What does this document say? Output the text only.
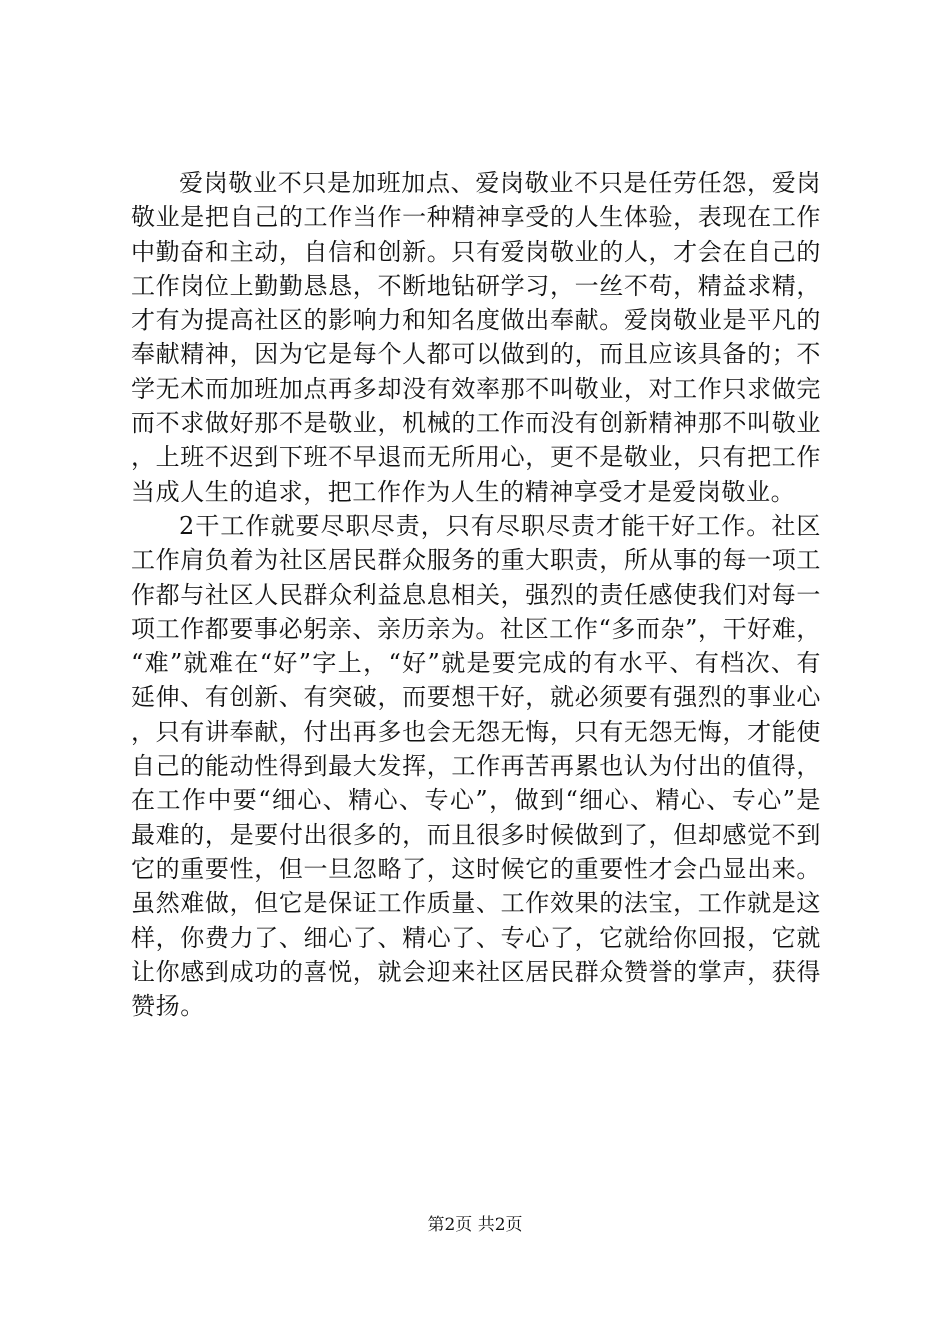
爱岗敬业不只是加班加点、爱岗敬业不只是任劳任怨，爱岗敬业是把自己的工作当作一种精神享受的人生体验，表现在工作中勤奋和主动，自信和创新。只有爱岗敬业的人，才会在自己的工作岗位上勤勤恳恳，不断地钻研学习，一丝不苟，精益求精，才有为提高社区的影响力和知名度做出奉献。爱岗敬业是平凡的奉献精神，因为它是每个人都可以做到的，而且应该具备的；不学无术而加班加点再多却没有效率那不叫敬业，对工作只求做完而不求做好那不是敬业，机械的工作而没有创新精神那不叫敬业，上班不迟到下班不早退而无所用心，更不是敬业，只有把工作当成人生的追求，把工作作为人生的精神享受才是爱岗敬业。

2干工作就要尽职尽责，只有尽职尽责才能干好工作。社区工作肩负着为社区居民群众服务的重大职责，所从事的每一项工作都与社区人民群众利益息息相关，强烈的责任感使我们对每一项工作都要事必躬亲、亲历亲为。社区工作“多而杂”，干好难，“难”就难在“好”字上，“好”就是要完成的有水平、有档次、有延伸、有创新、有突破，而要想干好，就必须要有强烈的事业心，只有讲奉献，付出再多也会无怨无悔，只有无怨无悔，才能使自己的能动性得到最大发挥，工作再苦再累也认为付出的值得，在工作中要“细心、精心、专心”，做到“细心、精心、专心”是最难的，是要付出很多的，而且很多时候做到了，但却感觉不到它的重要性，但一旦忽略了，这时候它的重要性才会凸显出来。虽然难做，但它是保证工作质量、工作效果的法宝，工作就是这样，你费力了、细心了、精心了、专心了，它就给你回报，它就让你感到成功的喜悦，就会迎来社区居民群众赞誉的掌声，获得赞扬。

第2页 共2页
